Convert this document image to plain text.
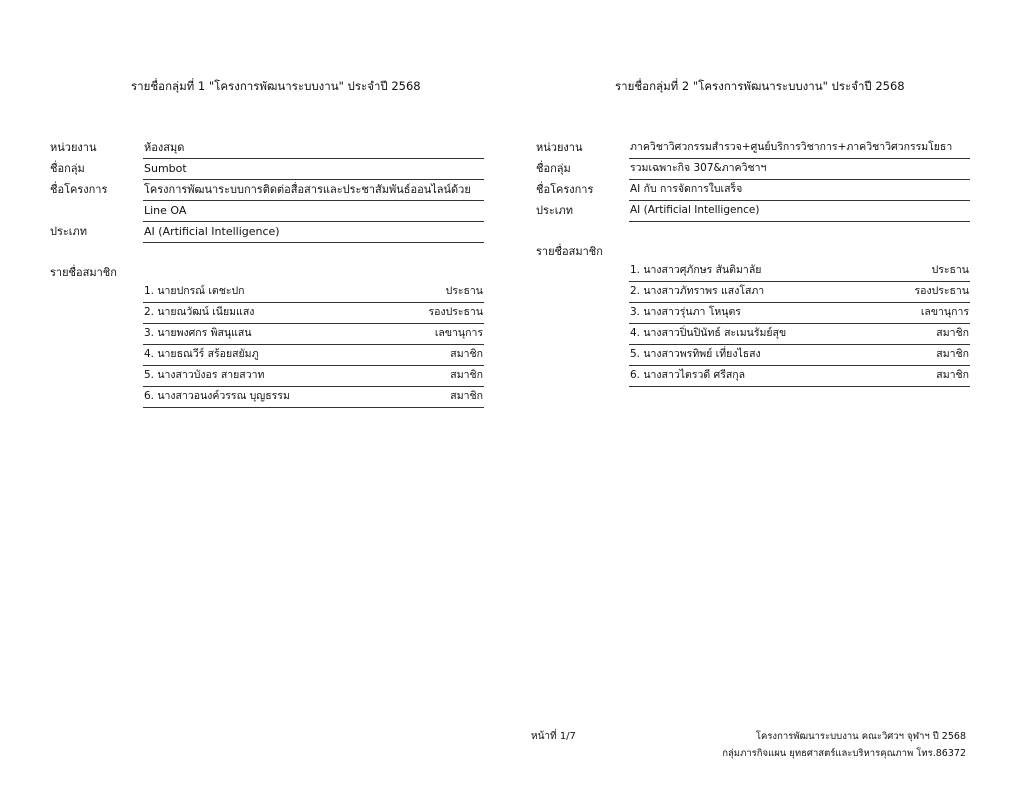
รายชื่อกลุ่มที่ 1 "โครงการพัฒนาระบบงาน" ประจำปี 2568
หน่วยงาน	ห้องสมุด
ชื่อกลุ่ม	Sumbot
ชื่อโครงการ	โครงการพัฒนาระบบการติดต่อสื่อสารและประชาสัมพันธ์ออนไลน์ด้วย
Line OA
ประเภท	AI (Artificial Intelligence)
รายชื่อสมาชิก
1. นายปกรณ์ เตชะปก	ประธาน
2. นายณวัฒน์ เนียมแสง	รองประธาน
3. นายพงศกร พิสนุแสน	เลขานุการ
4. นายธณวีร์ สร้อยสยัมภู	สมาชิก
5. นางสาวบังอร สายสวาท	สมาชิก
6. นางสาวอนงค์วรรณ บุญธรรม	สมาชิก
รายชื่อกลุ่มที่ 2 "โครงการพัฒนาระบบงาน" ประจำปี 2568
หน่วยงาน	ภาควิชาวิศวกรรมสำรวจ+ศูนย์บริการวิชาการ+ภาควิชาวิศวกรรมโยธา
ชื่อกลุ่ม	รวมเฉพาะกิจ 307&ภาควิชาฯ
ชื่อโครงการ	AI กับ การจัดการใบเสร็จ
ประเภท	AI (Artificial Intelligence)
รายชื่อสมาชิก
1. นางสาวศุภักษร สันติมาลัย	ประธาน
2. นางสาวภัทราพร แสงโสภา	รองประธาน
3. นางสาวรุ่นภา โหนุตร	เลขานุการ
4. นางสาวปิ่นปินัทธ์ สะเมนรัมย์สุข	สมาชิก
5. นางสาวพรทิพย์ เที่ยงไธสง	สมาชิก
6. นางสาวไตรวดี ศรีสกุล	สมาชิก
หน้าที่ 1/7	โครงการพัฒนาระบบงาน คณะวิศวฯ จุฬาฯ ปี 2568
กลุ่มภารกิจแผน ยุทธศาสตร์และบริหารคุณภาพ โทร.86372
